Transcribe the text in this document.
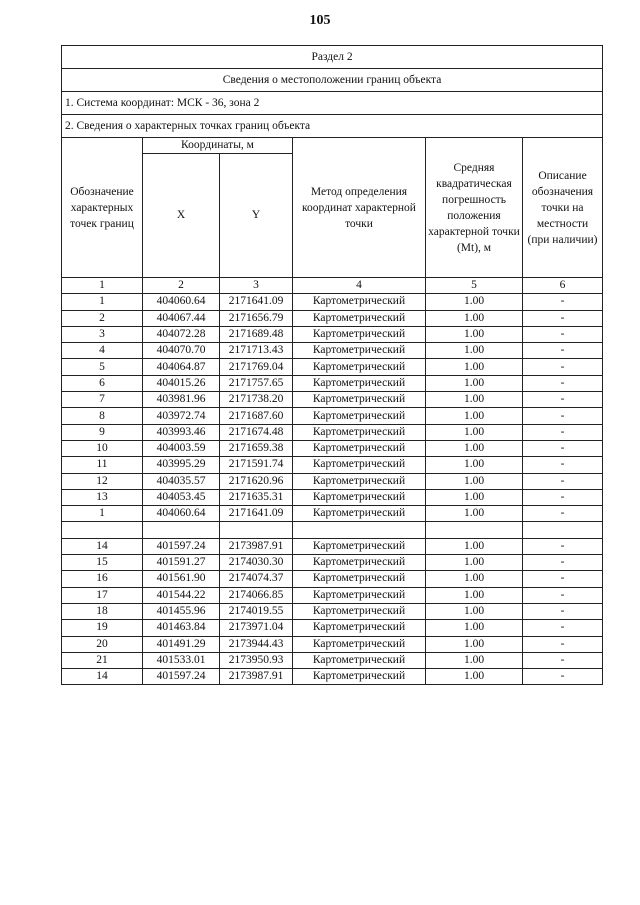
105
Раздел 2					
Сведения о местоположении границ объекта					
1. Система координат: МСК - 36, зона 2					
2. Сведения о характерных точках границ объекта					
Обозначение характерных точек границ	Координаты, м		Метод определения координат характерной точки	Средняя квадратическая погрешность положения характерной точки (Mt), м	Описание обозначения точки на местности (при наличии)
	X	Y			
1	2	3	4	5	6
1	404060.64	2171641.09	Картометрический	1.00	-
2	404067.44	2171656.79	Картометрический	1.00	-
3	404072.28	2171689.48	Картометрический	1.00	-
4	404070.70	2171713.43	Картометрический	1.00	-
5	404064.87	2171769.04	Картометрический	1.00	-
6	404015.26	2171757.65	Картометрический	1.00	-
7	403981.96	2171738.20	Картометрический	1.00	-
8	403972.74	2171687.60	Картометрический	1.00	-
9	403993.46	2171674.48	Картометрический	1.00	-
10	404003.59	2171659.38	Картометрический	1.00	-
11	403995.29	2171591.74	Картометрический	1.00	-
12	404035.57	2171620.96	Картометрический	1.00	-
13	404053.45	2171635.31	Картометрический	1.00	-
1	404060.64	2171641.09	Картометрический	1.00	-

14	401597.24	2173987.91	Картометрический	1.00	-
15	401591.27	2174030.30	Картометрический	1.00	-
16	401561.90	2174074.37	Картометрический	1.00	-
17	401544.22	2174066.85	Картометрический	1.00	-
18	401455.96	2174019.55	Картометрический	1.00	-
19	401463.84	2173971.04	Картометрический	1.00	-
20	401491.29	2173944.43	Картометрический	1.00	-
21	401533.01	2173950.93	Картометрический	1.00	-
14	401597.24	2173987.91	Картометрический	1.00	-
